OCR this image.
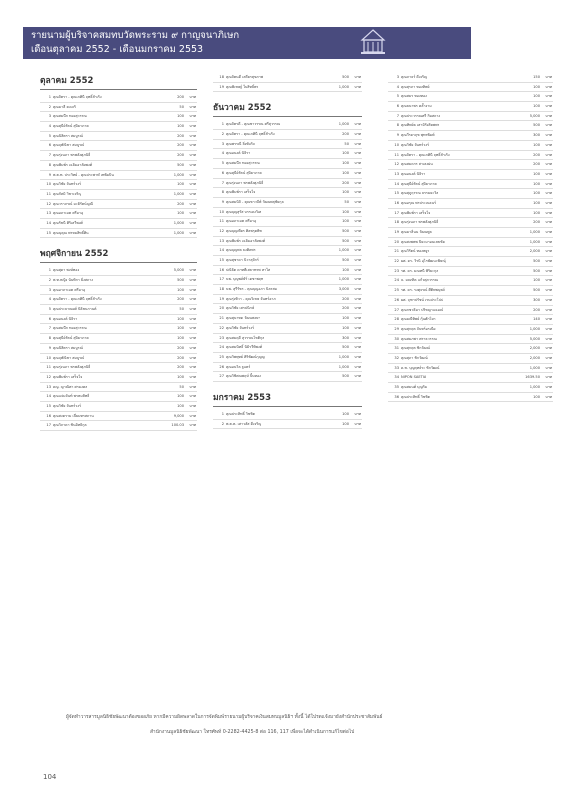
รายนามผู้บริจาคสมทบวัดพระราม ๙ กาญจนาภิเษก
เดือนตุลาคม 2552 - เดือนมกราคม 2553
ตุลาคม 2552
1 คุณจิตรา - คุณเกศินี ฤทธิ์สำเริง	200 บาท
2 คุณมาลี คงเจริ	50 บาท
3 คุณสมนึก ทองสุวรรณ	100 บาท
4 คุณสุนีย์รัตน์ สุปิยาภาค	100 บาท
5 คุณนิสิตรา สมบูรณ์	200 บาท
6 คุณจุฬณิชา สมบูรณ์	200 บาท
7 คุณรุ่งนภา พรพลังศุภนิธิ์	200 บาท
8 คุณพิมพ์ร เฉลิมอาลัยพงศ์	500 บาท
9 พ.ต.ท. ประวิทย์ - คุณประพาฬ เทพิมปิน	1,000 บาท
10 คุณวิชัย จันทร์วงร์	100 บาท
11 คุณกัสมิ วิชาเจริญ	1,000 บาท
12 คุณวราภรณ์ มะยิรัตน์ญณี	200 บาท
13 คุณอภาเมต ศรีมาอุ	100 บาท
14 คุณรัชนี ศิริเสวีพงศ์	1,000 บาท
15 คุณนุคุณ พรหมสิทธิ์ศิน	1,000 บาท
พฤศจิกายน 2552
1 คุณสุดา พงษ์ทอง	5,000 บาท
2 พ.ท.หญิง นันทิกา ยิ่งสถาง	500 บาท
3 คุณอาภาเมต ศรีมาอุ	100 บาท
4 คุณจิตรา - คุณเกศินี ฤทธิ์สำเริง	200 บาท
5 คุณประธาณยศ์ นิธิชนกานต์	50 บาท
6 คุณอนงค์ นิธิรา	100 บาท
7 คุณสมนึก ทองสุวรรณ	100 บาท
8 คุณสุนีย์รัตน์ สุปิยาภาค	100 บาท
9 คุณนิสิตรา สมบูรณ์	200 บาท
10 คุณจุฬณิชา สมบูรณ์	200 บาท
11 คุณรุ่งนภา พรพลังศุภนิธิ์	200 บาท
12 คุณพิมพ์รา เสร็จใจ	100 บาท
13 ดญ. ญาณิศา ศรมงคล	50 บาท
14 คุณแจ่มจันท์ พรหมสิทธิ์	100 บาท
15 คุณวิชัย จันทร์วงร์	100 บาท
16 คุณสงคราม เปี่ยมทรสถาน	9,000 บาท
17 คุณวิภาดา ซินอิทธิกุล	100.03 บาท
18 คุณจิตนดี เสถียรสุขภาพ	500 บาท
19 คุณพิเชษฐ์ ใบสิทธิ์พร	1,000 บาท
ธันวาคม 2552
1 คุณจิตรดี - คุณชาวรรณ ศรีสุวรรณ	1,000 บาท
2 คุณจิตรา - คุณเกศินี ฤทธิ์สำเริง	200 บาท
3 คุณพรรณี ลิ่งทังกิจ	50 บาท
4 คุณอนงค์ นิธิรา	100 บาท
5 คุณสมนึก ทองสุวรรณ	100 บาท
6 คุณสุนีย์รัตน์ สุปิยาภาค	100 บาท
7 คุณรุ่งนภา พรพลังศุภนิธิ์	200 บาท
8 คุณพิมพ์รา เสร็จใจ	100 บาท
9 คุณสมนิจิ - คุณชาวบีพ์ วัฒนพสุชัยกุล	50 บาท
10 คุณบุญสุรัส บรรเลงวิเศ	100 บาท
11 คุณอภาเมต ศรีมาอุ	100 บาท
12 คุณบุญเพียร ศิลพรุคพิช	500 บาท
13 คุณพิมพ์ร เฉลิมอาลัยพงศ์	500 บาท
14 คุณบุญพล ธงศิลพร	1,000 บาท
15 คุณสุชาดา นิวาสุจักร์	500 บาท
16 ปณิธิต ดาทตีเสธาทรพ หาไส	100 บาท
17 นพ. บุญพล์ษัร์ เดชาพฤท	1,000 บาท
18 นพ. สุรีรัชร - คุณบุญอภา นิลรสม	3,000 บาท
19 คุณรุ่งทิวา - คุณวิเชษ จันทร์อาภ	200 บาท
20 คุณวิชัย เสรปนิกษ์	200 บาท
21 คุณสุนาทด วัฒนพงษา	100 บาท
22 คุณวิชัย จันทร์วงร์	100 บาท
23 คุณสมฤดี สุวรรณโชติกุล	300 บาท
24 คุณสมนิทธิ์ นิมิรวีพิพงศ์	500 บาท
25 คุณวิพพุทย์ ศิริพัฒน์กุญญ	1,000 บาท
26 คุณอนวิล ฐูแตร์	1,000 บาท
27 คุณวิชิศณพฤษ์ ปั้นทอง	500 บาท
มกราคม 2553
1 คุณประสิทธิ์ วิชชิต	100 บาท
2 พ.ต.ต. เสาวลัส ดีเจริญ	100 บาท
3 คุณภาธร์ ดีเจริญ	150 บาท
4 คุณสุรภา ทองทิพย์	100 บาท
5 คุณสมร ทองทอง	100 บาท
6 คุณธนาพร คล้ำงาม	100 บาท
7 คุณประวรรณศรี กิมสถาง	5,000 บาท
8 คุณทิพย์ธ เสามิรังสิยพพร	500 บาท
9 คุณวีรยาภุช พุทรพิมพ์	300 บาท
10 คุณวิชัย จันทร์วงร์	100 บาท
11 คุณจิตรา - คุณเกศินี ฤทธิ์สำเริง	200 บาท
12 คุณสมถกร สาเลงผ่น	200 บาท
13 คุณอนงค์ นิธิรา	100 บาท
14 คุณสุนีย์รัตน์ สุปิยาภาค	100 บาท
15 คุณสุภูฤรรณ ธรรมยะวิส	100 บาท
16 คุณอรุณ พรประเนธนร์	100 บาท
17 คุณพิมพ์รา เสร็จใจ	100 บาท
18 คุณรุ่งนภา พรพลังศุภนิธิ์	200 บาท
19 คุณมาลิ่นน วัฒนพูล	1,000 บาท
20 คุณสงพพพ ปิยะมาอนเลขชัย	1,000 บาท
21 คุณวิรัตน์ ทองหยูร	2,000 บาท
22 ผศ. ดร. วิรนิ อุไรพัฒนะพิษณุ์	500 บาท
23 รศ. ดร. มณทนี พิริยะกุล	500 บาท
24 ธ. มณฑิค แก้วศุภวรรณ	100 บาท
25 รศ. ดร. รงศุจรณ์ ศีติพพนุพจ์	500 บาท
26 ผศ. จุฑาปรัชน์ เรนประโปป	300 บาท
27 คุณกชวธิมา ปริชญาแฉมณ์	200 บาท
28 คุณมณีทิพย์ กุ้นศักโยา	140 บาท
29 คุณสุกฤต จันทร์อรเนีย	1,000 บาท
30 คุณสมภพา ศราธวรรณ	5,000 บาท
31 คุณสุกฤต ซิกวัฒณ์	2,000 บาท
32 คุณสุภา ซิกวัฒณ์	2,000 บาท
33 ด.ช. บุญฤทธ์ระ ซิกวัฒณ์	1,000 บาท
34 NIPON SAETIA	1639.50 บาท
35 คุณสมนศ์ บุญกิม	1,000 บาท
36 คุณประสิทธิ์ วิชชิต	100 บาท
ผู้จัดทำวารสารมูลนิธิชัยพัฒนาต้องขออภัย หากมีความผิดพลาดในการจัดพิมพ์รายนามผู้บริจาคเงินสมทบมูลนิธิฯ ทั้งนี้ ได้โปรดแจ้งมายังสำนักประชาสัมพันธ์
สำนักงานมูลนิธิชัยพัฒนา โทรศัพท์ 0-2282-4425-8 ต่อ 116, 117 เพื่อจะได้ดำเนินการแก้ไขต่อไป
104
